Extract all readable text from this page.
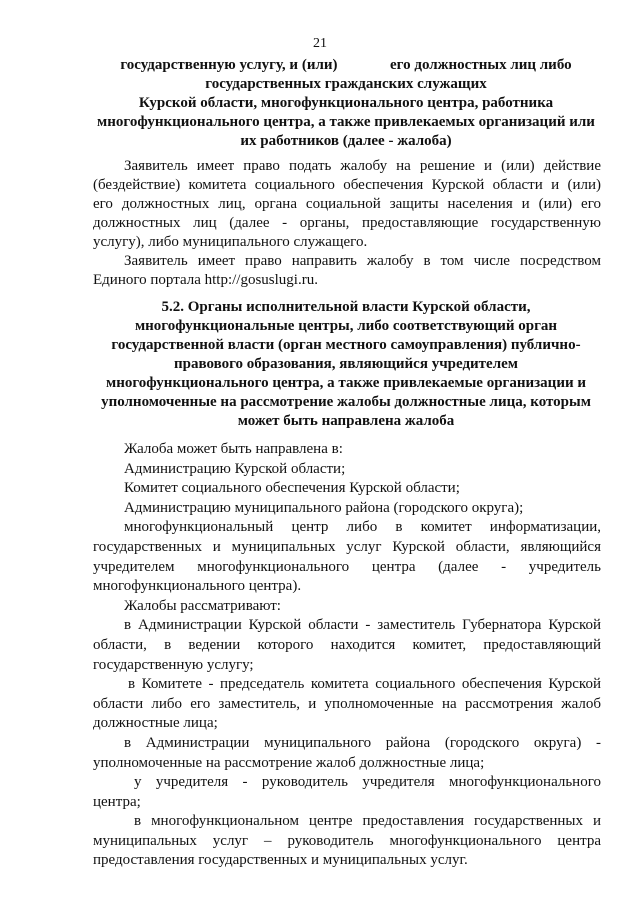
21
государственную услугу, и (или)              его должностных лиц либо
государственных гражданских служащих
Курской области, многофункционального центра, работника
многофункционального центра, а также привлекаемых организаций или
их работников (далее - жалоба)
Заявитель имеет право подать жалобу на решение и (или) действие
(бездействие) комитета социального обеспечения Курской области и (или)
его должностных лиц, органа социальной защиты населения и (или) его
должностных лиц (далее - органы, предоставляющие государственную
услугу), либо муниципального служащего.
Заявитель имеет право направить жалобу в том числе посредством
Единого портала http://gosuslugi.ru.
5.2. Органы исполнительной власти Курской области,
многофункциональные центры, либо соответствующий орган
государственной власти (орган местного самоуправления) публично-
правового образования, являющийся учредителем
многофункционального центра, а также привлекаемые организации и
уполномоченные на рассмотрение жалобы должностные лица, которым
может быть направлена жалоба
Жалоба может быть направлена в:
Администрацию Курской области;
Комитет социального обеспечения Курской области;
Администрацию муниципального района (городского округа);
многофункциональный центр либо в комитет информатизации,
государственных и муниципальных услуг Курской области, являющийся
учредителем многофункционального центра (далее - учредитель
многофункционального центра).
Жалобы рассматривают:
в Администрации Курской области - заместитель Губернатора Курской
области, в ведении которого находится комитет, предоставляющий
государственную услугу;
в Комитете - председатель комитета социального обеспечения Курской
области либо его заместитель, и уполномоченные на рассмотрения жалоб
должностные лица;
в Администрации муниципального района (городского округа) -
уполномоченные на рассмотрение жалоб должностные лица;
у учредителя - руководитель учредителя многофункционального
центра;
в многофункциональном центре предоставления государственных и
муниципальных услуг – руководитель многофункционального центра
предоставления государственных и муниципальных услуг.
